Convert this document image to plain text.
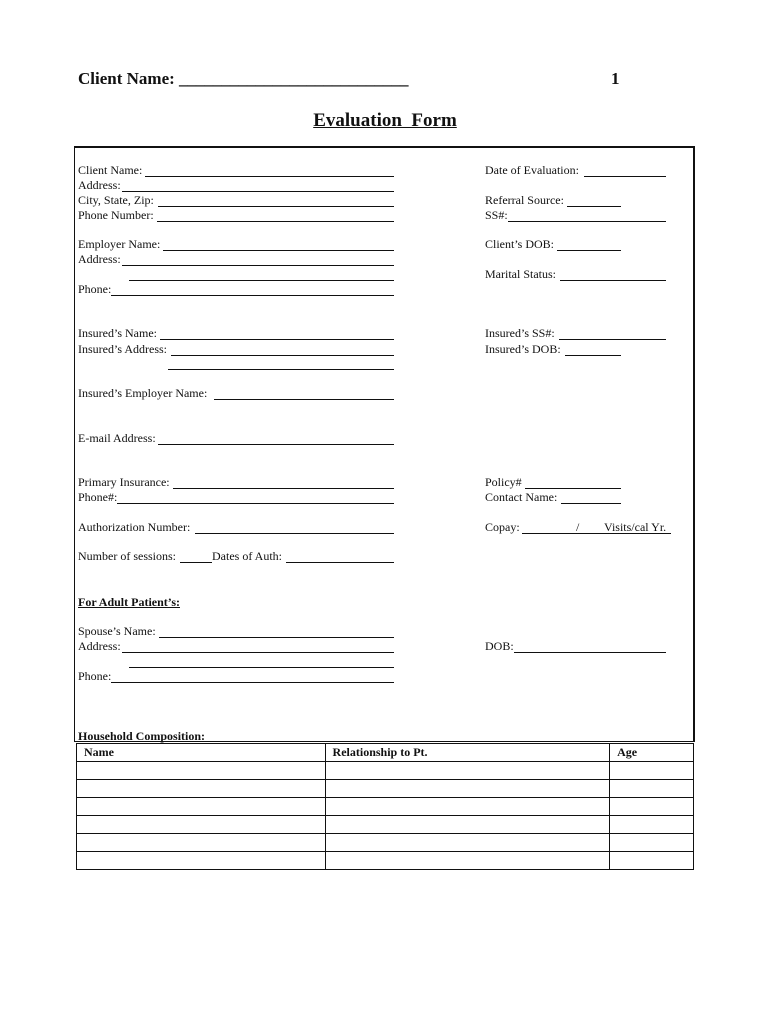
Client Name: ___________________________	1
Evaluation  Form
Client Name:
Address:
City, State, Zip:
Phone Number:
Employer Name:
Address:
Phone:
Insured’s Name:
Insured’s Address:
Insured’s Employer Name:
E-mail Address:
Primary Insurance:
Phone#:
Authorization Number:
Number of sessions:	Dates of Auth:
For Adult Patient’s:
Spouse’s Name:
Address:
Phone:
Date of Evaluation:
Referral Source:
SS#:
Client’s DOB:
Marital Status:
Insured’s SS#:
Insured’s DOB:
Policy#
Contact Name:
Copay:	/ Visits/cal Yr.
DOB:
Household Composition:
Name	Relationship to Pt.	Age
